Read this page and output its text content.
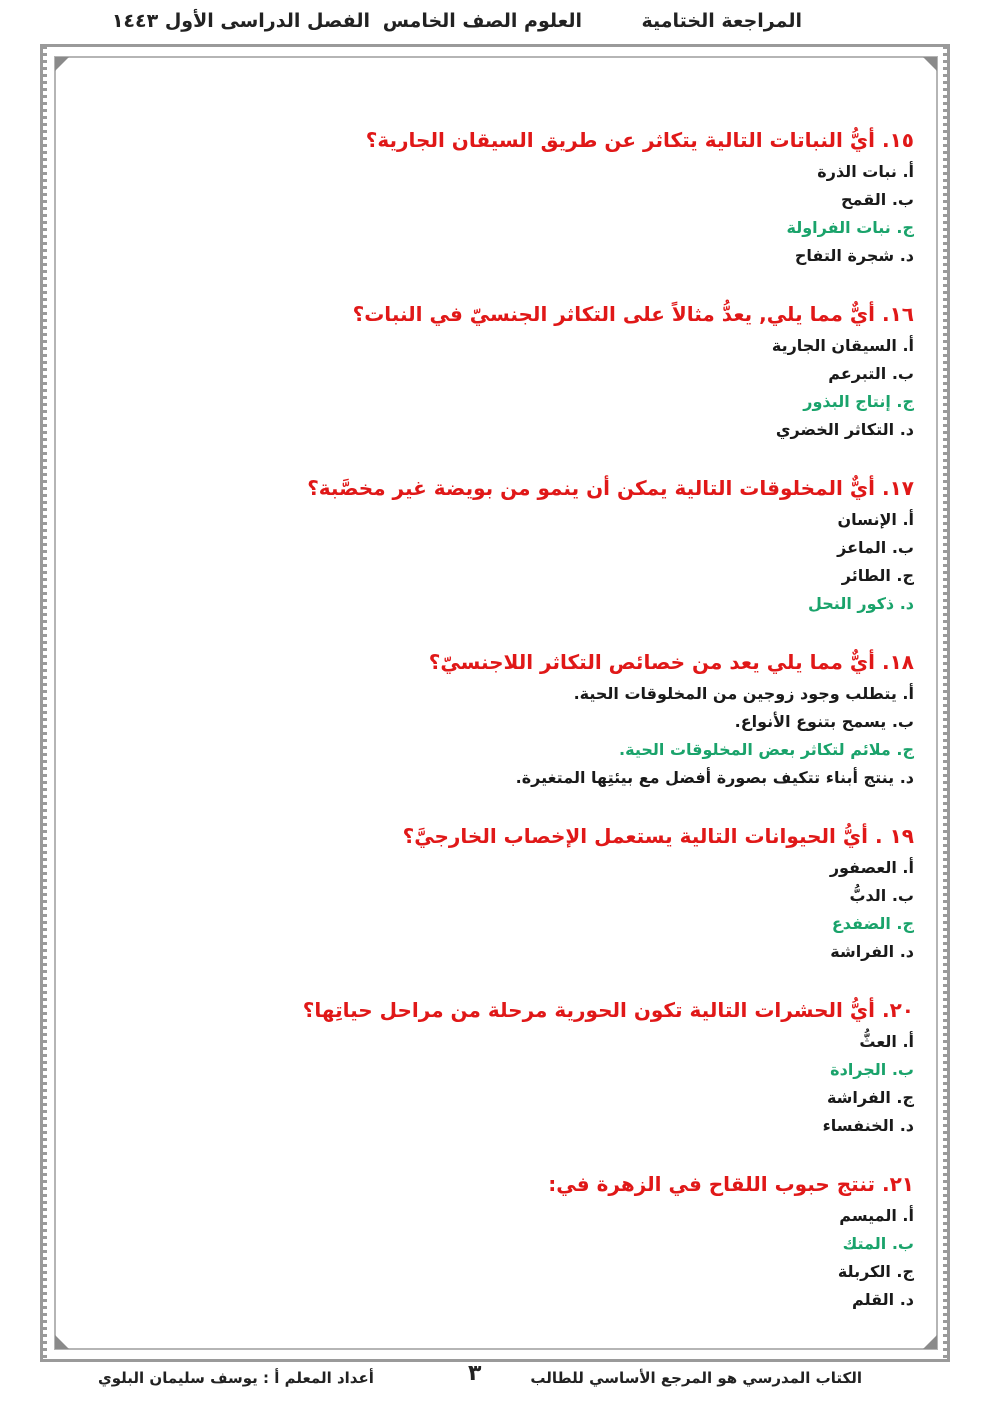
المراجعة الختامية
العلوم الصف الخامس
الفصل الدراسى الأول ١٤٤٣

١٥. أيُّ النباتات التالية يتكاثر عن طريق السيقان الجارية؟

أ. نبات الذرة

ب. القمح

ج. نبات الفراولة

د. شجرة التفاح

١٦. أيٌّ مما يلي, يعدُّ مثالاً على التكاثر الجنسيّ في النبات؟

أ. السيقان الجارية

ب. التبرعم

ج. إنتاج البذور

د. التكاثر الخضري

١٧. أيٌّ المخلوقات التالية يمكن أن ينمو من بويضة غير مخصَّبة؟

أ. الإنسان

ب. الماعز

ج. الطائر

د. ذكور النحل

١٨. أيٌّ مما يلي يعد من خصائص التكاثر اللاجنسيّ؟

أ. يتطلب وجود زوجين من المخلوقات الحية.

ب. يسمح بتنوع الأنواع.

ج. ملائم لتكاثر بعض المخلوقات الحية.

د. ينتج أبناء تتكيف بصورة أفضل مع بيئتِها المتغيرة.

١٩ . أيُّ الحيوانات التالية يستعمل الإخصاب الخارجيَّ؟

أ. العصفور

ب. الدبُّ

ج. الضفدع

د. الفراشة

٢٠. أيُّ الحشرات التالية تكون الحورية مرحلة من مراحل حياتِها؟

أ. العثُّ

ب. الجرادة

ج. الفراشة

د. الخنفساء

٢١. تنتج حبوب اللقاح في الزهرة في:

أ. الميسم

ب. المتك

ج. الكربلة

د. القلم

الكتاب المدرسي هو المرجع الأساسي للطالب
٣
أعداد المعلم أ : يوسف سليمان البلوي
